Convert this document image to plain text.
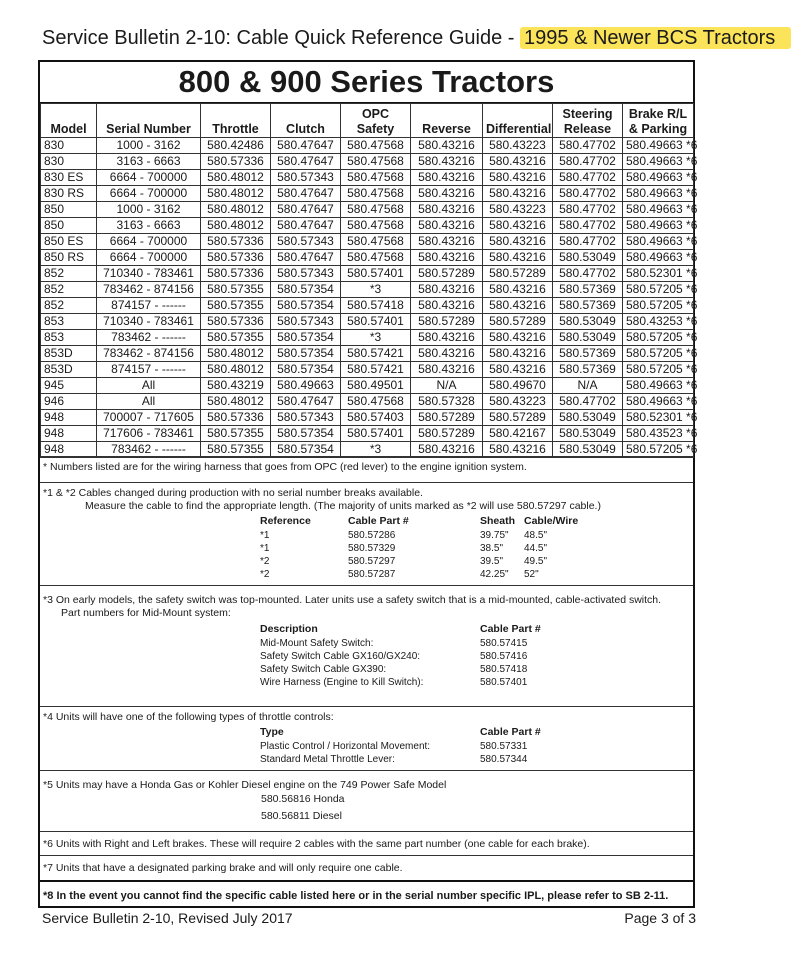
Service Bulletin 2-10: Cable Quick Reference Guide - 1995 & Newer BCS Tractors
800 & 900 Series Tractors
Model	Serial Number	Throttle	Clutch	OPC Safety	Reverse	Differential	Steering Release	Brake R/L & Parking
830	1000 - 3162	580.42486	580.47647	580.47568	580.43216	580.43223	580.47702	580.49663 *6
830	3163 - 6663	580.57336	580.47647	580.47568	580.43216	580.43216	580.47702	580.49663 *6
830 ES	6664 - 700000	580.48012	580.57343	580.47568	580.43216	580.43216	580.47702	580.49663 *6
830 RS	6664 - 700000	580.48012	580.47647	580.47568	580.43216	580.43216	580.47702	580.49663 *6
850	1000 - 3162	580.48012	580.47647	580.47568	580.43216	580.43223	580.47702	580.49663 *6
850	3163 - 6663	580.48012	580.47647	580.47568	580.43216	580.43216	580.47702	580.49663 *6
850 ES	6664 - 700000	580.57336	580.57343	580.47568	580.43216	580.43216	580.47702	580.49663 *6
850 RS	6664 - 700000	580.57336	580.47647	580.47568	580.43216	580.43216	580.53049	580.49663 *6
852	710340 - 783461	580.57336	580.57343	580.57401	580.57289	580.57289	580.47702	580.52301 *6
852	783462 - 874156	580.57355	580.57354	*3	580.43216	580.43216	580.57369	580.57205 *6
852	874157 - ------	580.57355	580.57354	580.57418	580.43216	580.43216	580.57369	580.57205 *6
853	710340 - 783461	580.57336	580.57343	580.57401	580.57289	580.57289	580.53049	580.43253 *6
853	783462 - ------	580.57355	580.57354	*3	580.43216	580.43216	580.53049	580.57205 *6
853D	783462 - 874156	580.48012	580.57354	580.57421	580.43216	580.43216	580.57369	580.57205 *6
853D	874157 - ------	580.48012	580.57354	580.57421	580.43216	580.43216	580.57369	580.57205 *6
945	All	580.43219	580.49663	580.49501	N/A	580.49670	N/A	580.49663 *6
946	All	580.48012	580.47647	580.47568	580.57328	580.43223	580.47702	580.49663 *6
948	700007 - 717605	580.57336	580.57343	580.57403	580.57289	580.57289	580.53049	580.52301 *6
948	717606 - 783461	580.57355	580.57354	580.57401	580.57289	580.42167	580.53049	580.43523 *6
948	783462 - ------	580.57355	580.57354	*3	580.43216	580.43216	580.53049	580.57205 *6

* Numbers listed are for the wiring harness that goes from OPC (red lever) to the engine ignition system.

*1 & *2 Cables changed during production with no serial number breaks available.

Measure the cable to find the appropriate length. (The majority of units marked as *2 will use 580.57297 cable.)

Reference	Cable Part #	Sheath Cable/Wire
*1	580.57286	39.75" 48.5"
*1	580.57329	38.5" 44.5"
*2	580.57297	39.5" 49.5"
*2	580.57287	42.25" 52"

*3 On early models, the safety switch was top-mounted. Later units use a safety switch that is a mid-mounted, cable-activated switch.

Part numbers for Mid-Mount system:

Description	Cable Part #
Mid-Mount Safety Switch:	580.57415
Safety Switch Cable GX160/GX240:	580.57416
Safety Switch Cable GX390:	580.57418
Wire Harness (Engine to Kill Switch):	580.57401

*4 Units will have one of the following types of throttle controls:

Type	Cable Part #
Plastic Control / Horizontal Movement:	580.57331
Standard Metal Throttle Lever:	580.57344

*5 Units may have a Honda Gas or Kohler Diesel engine on the 749 Power Safe Model

580.56816 Honda

580.56811 Diesel

*6 Units with Right and Left brakes. These will require 2 cables with the same part number (one cable for each brake).

*7 Units that have a designated parking brake and will only require one cable.

*8 In the event you cannot find the specific cable listed here or in the serial number specific IPL, please refer to SB 2-11.

Service Bulletin 2-10, Revised July 2017	Page 3 of 3
